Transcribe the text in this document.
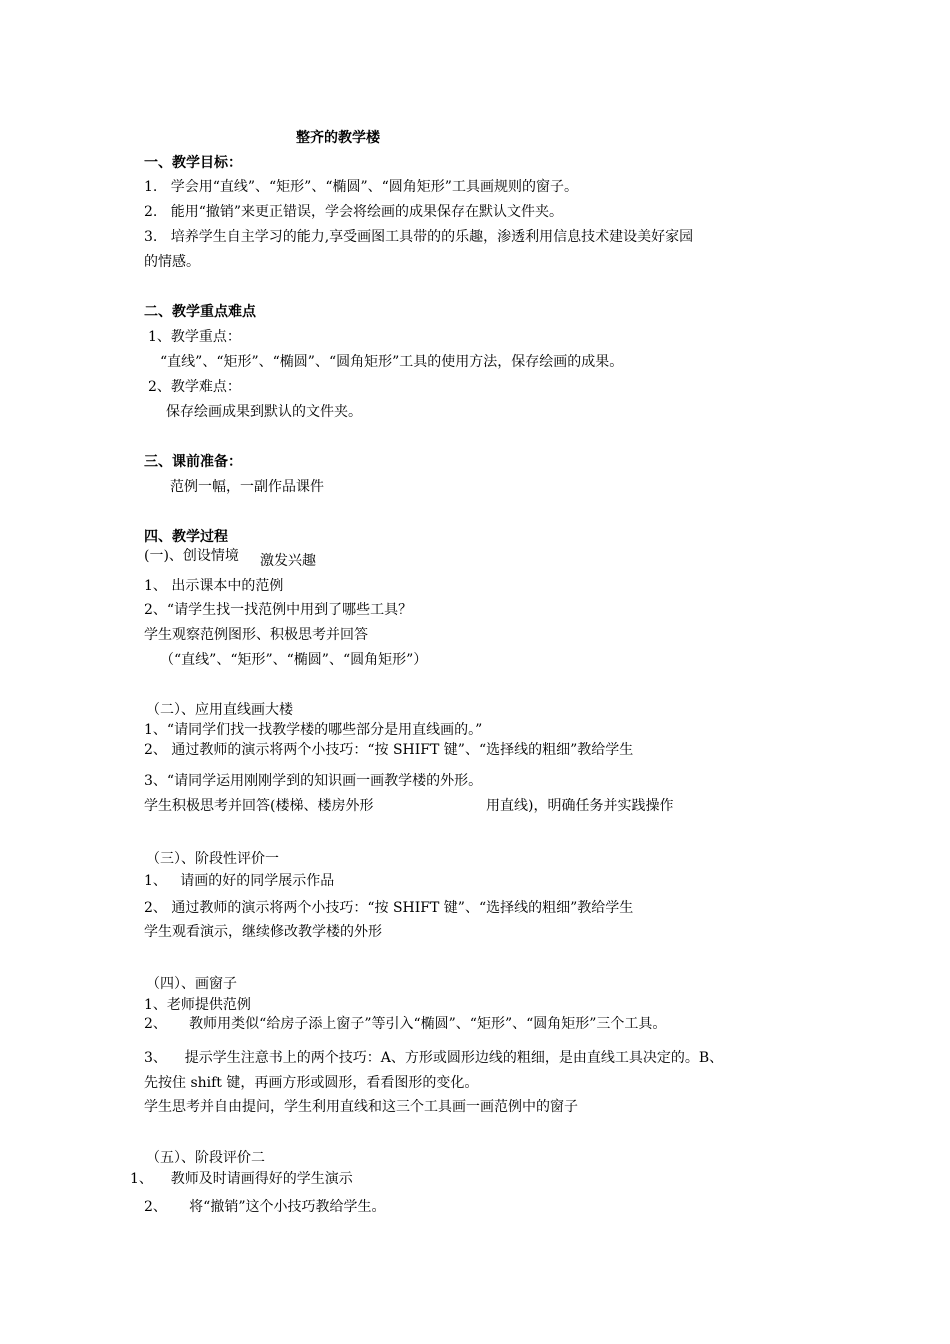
整齐的教学楼
一、教学目标：
1.   学会用“直线”、“矩形”、“椭圆”、“圆角矩形”工具画规则的窗子。
2.   能用“撤销”来更正错误，学会将绘画的成果保存在默认文件夹。
3.   培养学生自主学习的能力,享受画图工具带的的乐趣，渗透利用信息技术建设美好家园
的情感。
二、教学重点难点
1、教学重点：
“直线”、“矩形”、“椭圆”、“圆角矩形”工具的使用方法，保存绘画的成果。
2、教学难点：
保存绘画成果到默认的文件夹。
三、课前准备：
范例一幅，一副作品课件
四、教学过程
(一)、创设情境 激发兴趣
1、 出示课本中的范例
2、“请学生找一找范例中用到了哪些工具？
学生观察范例图形、积极思考并回答
（“直线”、“矩形”、“椭圆”、“圆角矩形”）
（二）、应用直线画大楼
1、“请同学们找一找教学楼的哪些部分是用直线画的。”
2、 通过教师的演示将两个小技巧：“按 SHIFT 键”、“选择线的粗细”教给学生
3、“请同学运用刚刚学到的知识画一画教学楼的外形。
学生积极思考并回答(楼梯、楼房外形	用直线)，明确任务并实践操作
（三）、阶段性评价一
1、   请画的好的同学展示作品
2、 通过教师的演示将两个小技巧：“按 SHIFT 键”、“选择线的粗细”教给学生
学生观看演示，继续修改教学楼的外形
（四）、画窗子
1、老师提供范例
2、     教师用类似“给房子添上窗子”等引入“椭圆”、“矩形”、“圆角矩形”三个工具。
3、    提示学生注意书上的两个技巧：A、方形或圆形边线的粗细，是由直线工具决定的。B、
先按住 shift 键，再画方形或圆形，看看图形的变化。
学生思考并自由提问，学生利用直线和这三个工具画一画范例中的窗子
（五）、阶段评价二
1、    教师及时请画得好的学生演示
2、     将“撤销”这个小技巧教给学生。
